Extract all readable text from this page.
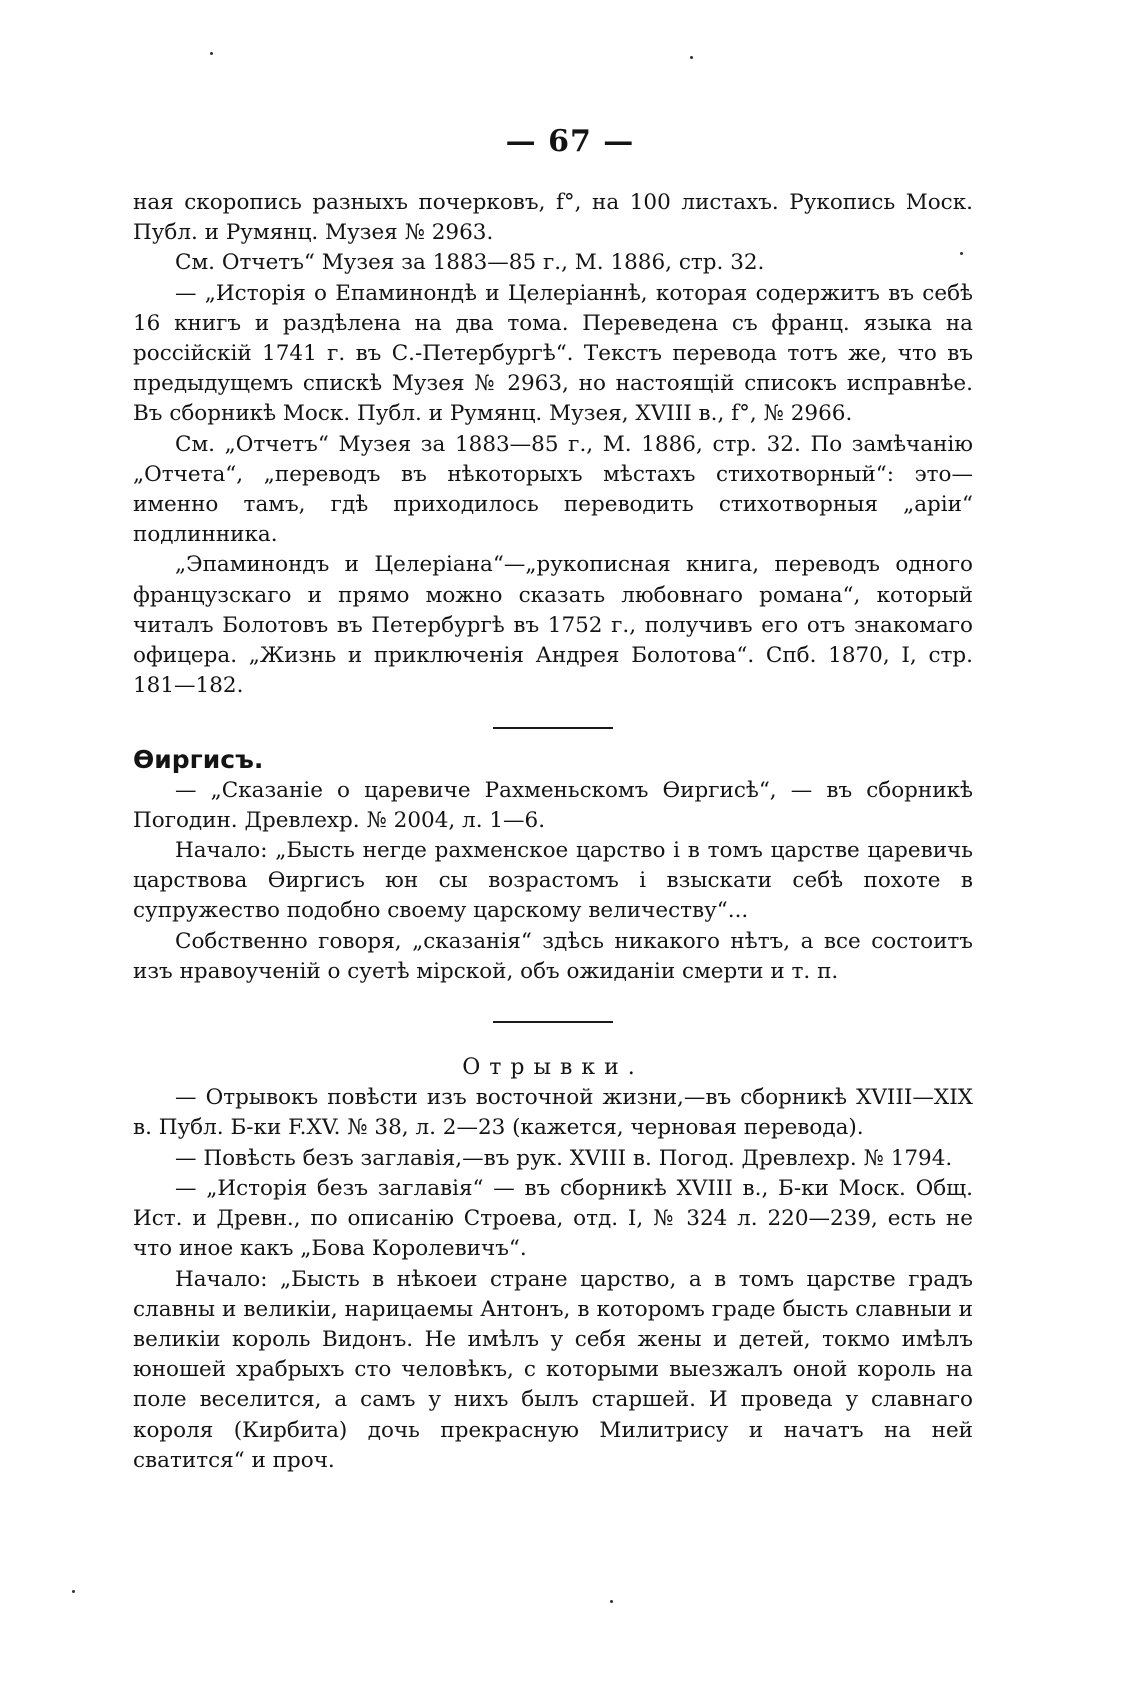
— 67 —

ная скоропись разныхъ почерковъ, f°, на 100 листахъ. Рукопись Моск. Публ. и Румянц. Музея № 2963.

См. Отчетъ“ Музея за 1883—85 г., М. 1886, стр. 32.

— „Исторія о Епаминондѣ и Целеріаннѣ, которая содержитъ въ себѣ 16 книгъ и раздѣлена на два тома. Переведена съ франц. языка на россійскій 1741 г. въ С.-Петербургѣ“. Текстъ перевода тотъ же, что въ предыдущемъ спискѣ Музея № 2963, но настоящій списокъ исправнѣе. Въ сборникѣ Моск. Публ. и Румянц. Музея, XVIII в., f°, № 2966.

См. „Отчетъ“ Музея за 1883—85 г., М. 1886, стр. 32. По замѣчанію „Отчета“, „переводъ въ нѣкоторыхъ мѣстахъ стихотворный“: это—именно тамъ, гдѣ приходилось переводить стихотворныя „аріи“ подлинника.

„Эпаминондъ и Целеріана“—„рукописная книга, переводъ одного французскаго и прямо можно сказать любовнаго романа“, который читалъ Болотовъ въ Петербургѣ въ 1752 г., получивъ его отъ знакомаго офицера. „Жизнь и приключенія Андрея Болотова“. Спб. 1870, I, стр. 181—182.

Өиргисъ.

— „Сказаніе о царевиче Рахменьскомъ Өиргисѣ“, — въ сборникѣ Погодин. Древлехр. № 2004, л. 1—6.

Начало: „Бысть негде рахменское царство і в томъ царстве царевичь царствова Өиргисъ юн сы возрастомъ і взыскати себѣ похоте в супружество подобно своему царскому величеству“...

Собственно говоря, „сказанія“ здѣсь никакого нѣтъ, а все состоитъ изъ нравоученій о суетѣ мірской, объ ожиданіи смерти и т. п.

Отрывки.

— Отрывокъ повѣсти изъ восточной жизни,—въ сборникѣ XVIII—XIX в. Публ. Б-ки F.XV. № 38, л. 2—23 (кажется, черновая перевода).

— Повѣсть безъ заглавія,—въ рук. XVIII в. Погод. Древлехр. № 1794.

— „Исторія безъ заглавія“ — въ сборникѣ XVIII в., Б-ки Моск. Общ. Ист. и Древн., по описанію Строева, отд. I, № 324 л. 220—239, есть не что иное какъ „Бова Королевичъ“.

Начало: „Бысть в нѣкоеи стране царство, а в томъ царстве градъ славны и великіи, нарицаемы Антонъ, в которомъ граде бысть славныи и великіи король Видонъ. Не имѣлъ у себя жены и детей, токмо имѣлъ юношей храбрыхъ сто человѣкъ, с которыми выезжалъ оной король на поле веселится, а самъ у нихъ былъ старшей. И проведа у славнаго короля (Кирбита) дочь прекрасную Милитрису и начатъ на ней сватится“ и проч.
